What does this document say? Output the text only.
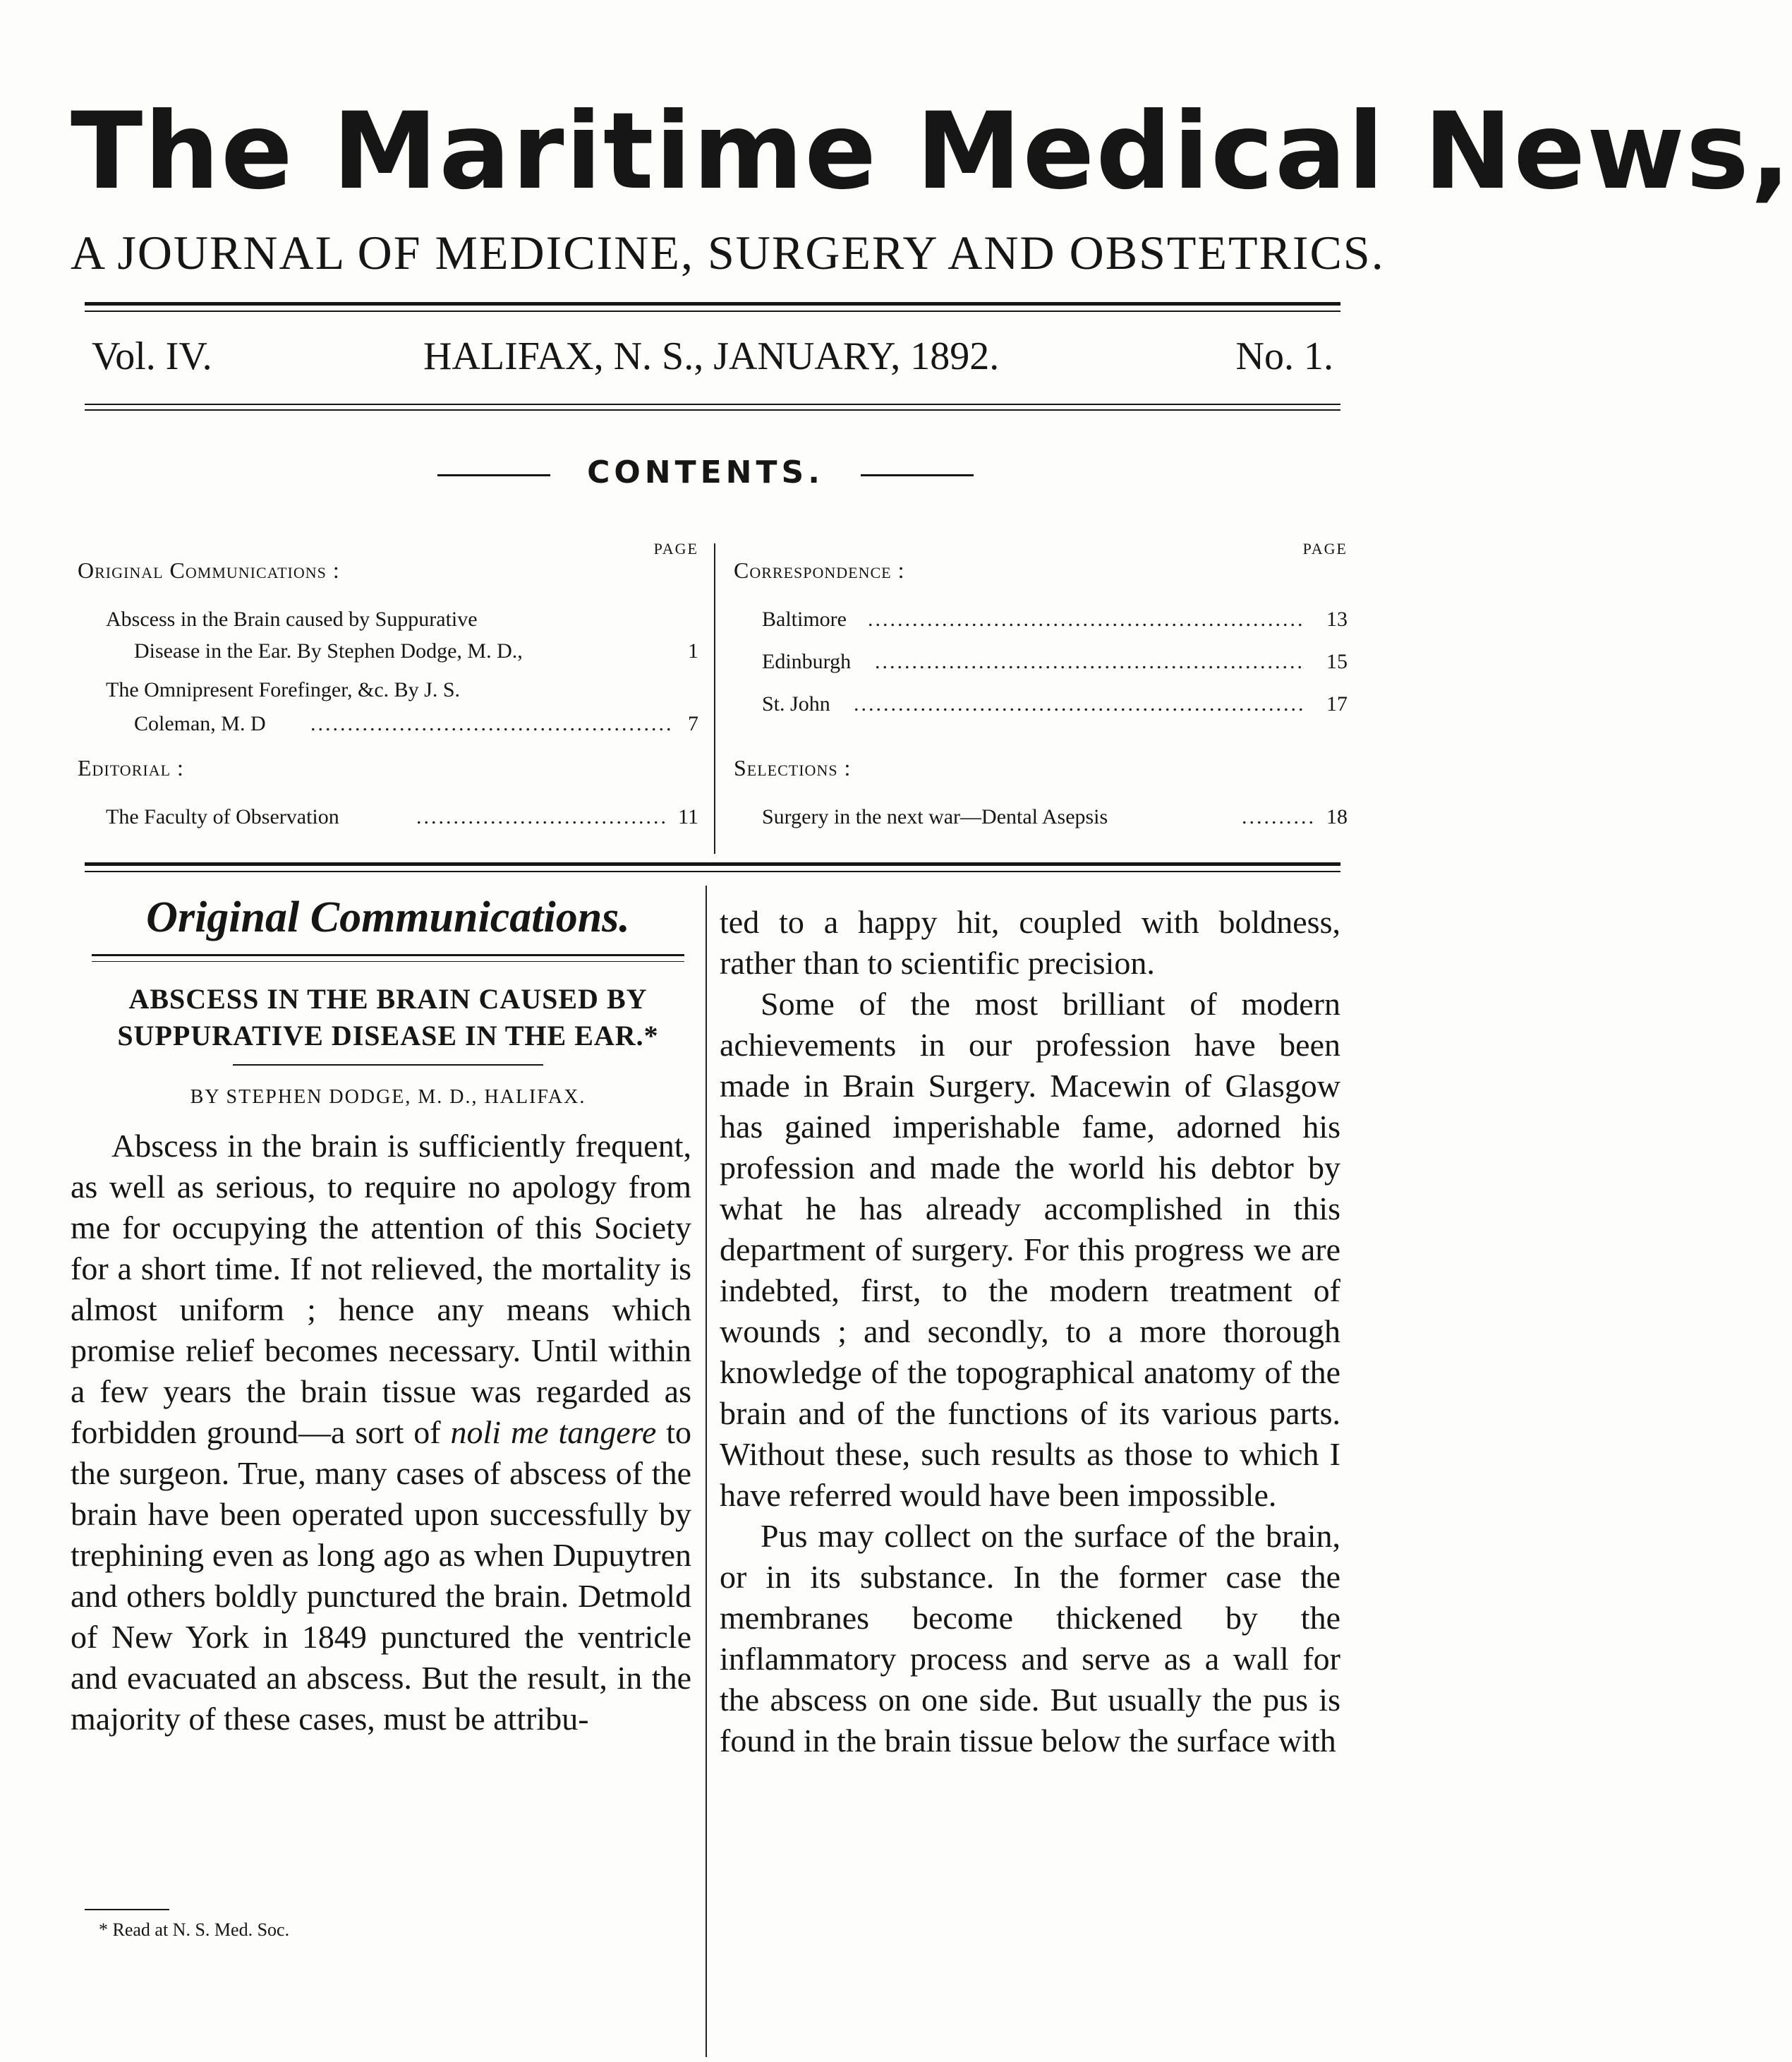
The Maritime Medical News,
A JOURNAL OF MEDICINE, SURGERY AND OBSTETRICS.
Vol. IV.	HALIFAX, N. S., JANUARY, 1892.	No. 1.
CONTENTS.
PAGE
Original Communications :
Abscess in the Brain caused by Suppurative
Disease in the Ear. By Stephen Dodge, M. D.,	1
The Omnipresent Forefinger, &c. By J. S.
Coleman, M. D ................................................. 7
Editorial :
The Faculty of Observation	.................................. 11
PAGE
Correspondence :
Baltimore ...........................................................	13
Edinburgh ..........................................................	15
St. John ............................................................. 17
Selections :
Surgery in the next war—Dental Asepsis	.......... 18
Original Communications.
ABSCESS IN THE BRAIN CAUSED BY SUPPURATIVE DISEASE IN THE EAR.*
BY STEPHEN DODGE, M. D., HALIFAX.

Abscess in the brain is sufficiently frequent, as well as serious, to require no apology from me for occupying the attention of this Society for a short time. If not relieved, the mortality is almost uniform ; hence any means which promise relief becomes necessary. Until within a few years the brain tissue was regarded as forbidden ground—a sort of noli me tangere to the surgeon. True, many cases of abscess of the brain have been operated upon successfully by trephining even as long ago as when Dupuytren and others boldly punctured the brain. Detmold of New York in 1849 punctured the ventricle and evacuated an abscess. But the result, in the majority of these cases, must be attribu-

* Read at N. S. Med. Soc.

ted to a happy hit, coupled with boldness, rather than to scientific precision.

Some of the most brilliant of modern achievements in our profession have been made in Brain Surgery. Macewin of Glasgow has gained imperishable fame, adorned his profession and made the world his debtor by what he has already accomplished in this department of surgery. For this progress we are indebted, first, to the modern treatment of wounds ; and secondly, to a more thorough knowledge of the topographical anatomy of the brain and of the functions of its various parts. Without these, such results as those to which I have referred would have been impossible.

Pus may collect on the surface of the brain, or in its substance. In the former case the membranes become thickened by the inflammatory process and serve as a wall for the abscess on one side. But usually the pus is found in the brain tissue below the surface with
